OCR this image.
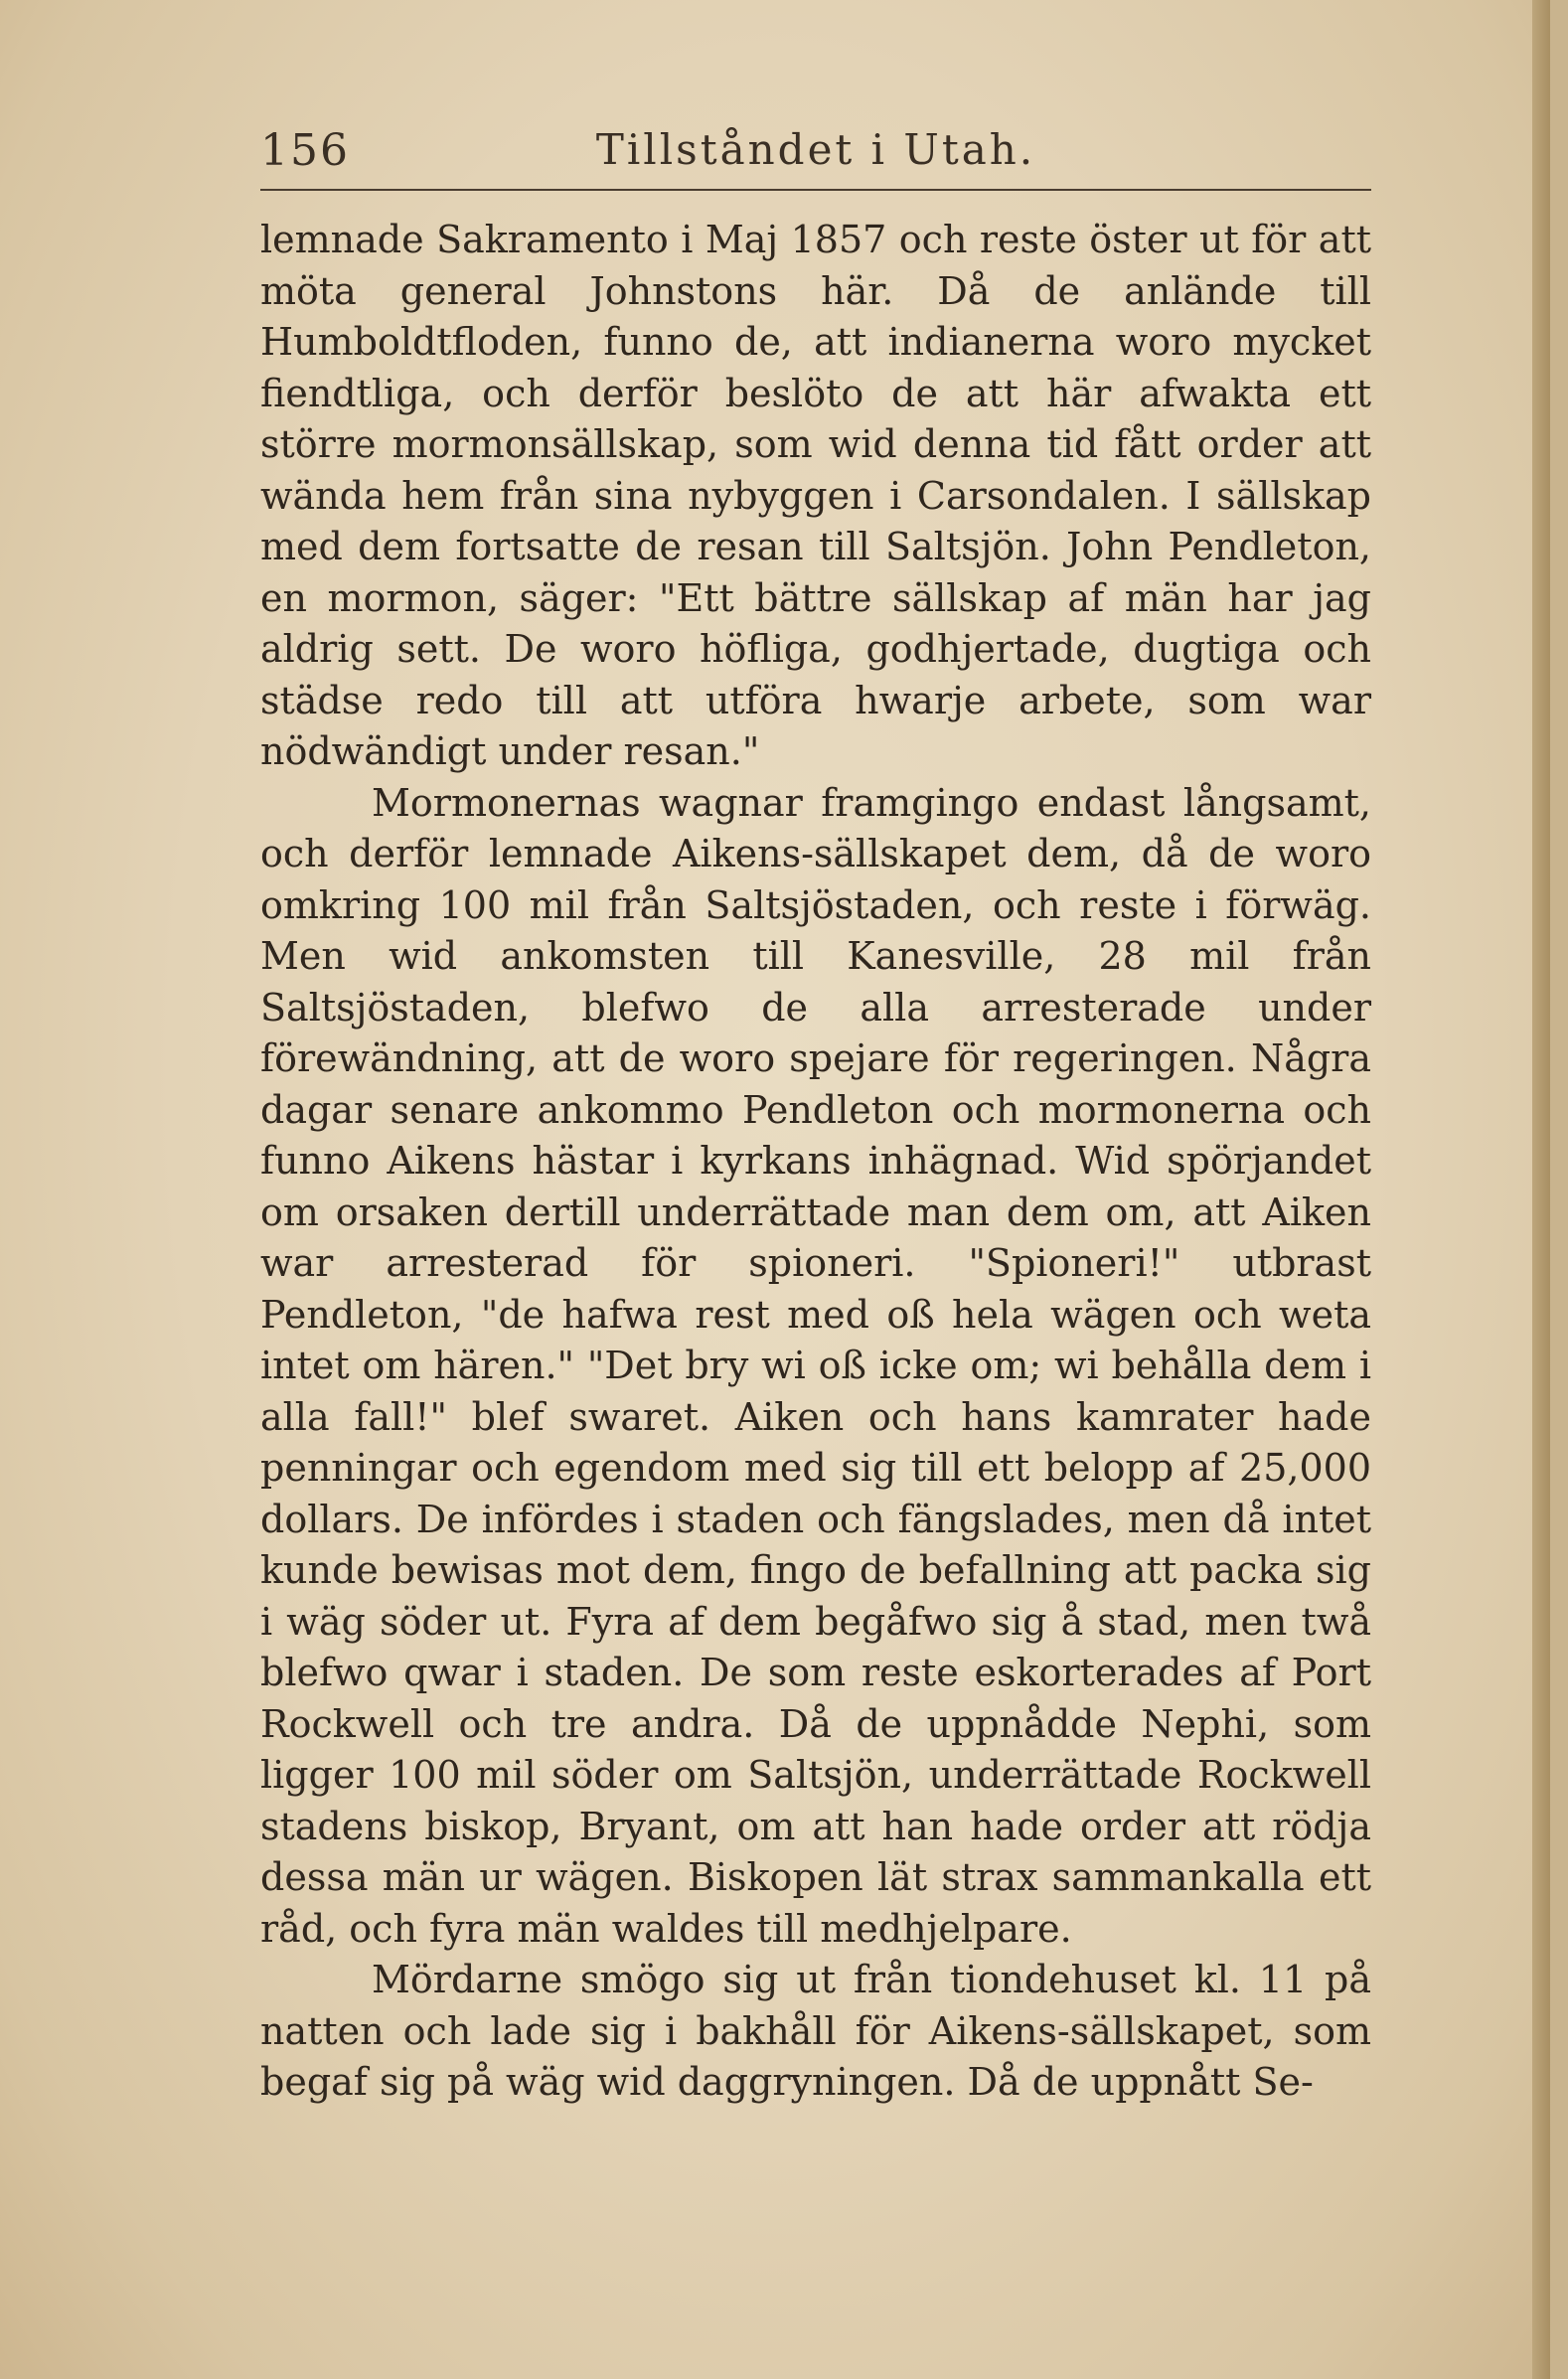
156	Tillståndet i Utah.

lemnade Sakramento i Maj 1857 och reste öster ut för att möta general Johnstons här. Då de anlände till Humboldtfloden, funno de, att indianerna woro mycket fiendtliga, och derför beslöto de att här afwakta ett större mormonsällskap, som wid denna tid fått order att wända hem från sina nybyggen i Carsondalen. I sällskap med dem fortsatte de resan till Saltsjön. John Pendleton, en mormon, säger: "Ett bättre sällskap af män har jag aldrig sett. De woro höfliga, godhjertade, dugtiga och städse redo till att utföra hwarje arbete, som war nödwändigt under resan."

Mormonernas wagnar framgingo endast långsamt, och derför lemnade Aikens-sällskapet dem, då de woro omkring 100 mil från Saltsjöstaden, och reste i förwäg. Men wid ankomsten till Kanesville, 28 mil från Saltsjöstaden, blefwo de alla arresterade under förewändning, att de woro spejare för regeringen. Några dagar senare ankommo Pendleton och mormonerna och funno Aikens hästar i kyrkans inhägnad. Wid spörjandet om orsaken dertill underrättade man dem om, att Aiken war arresterad för spioneri. "Spioneri!" utbrast Pendleton, "de hafwa rest med oß hela wägen och weta intet om hären." "Det bry wi oß icke om; wi behålla dem i alla fall!" blef swaret. Aiken och hans kamrater hade penningar och egendom med sig till ett belopp af 25,000 dollars. De infördes i staden och fängslades, men då intet kunde bewisas mot dem, fingo de befallning att packa sig i wäg söder ut. Fyra af dem begåfwo sig å stad, men twå blefwo qwar i staden. De som reste eskorterades af Port Rockwell och tre andra. Då de uppnådde Nephi, som ligger 100 mil söder om Saltsjön, underrättade Rockwell stadens biskop, Bryant, om att han hade order att rödja dessa män ur wägen. Biskopen lät strax sammankalla ett råd, och fyra män waldes till medhjelpare.

Mördarne smögo sig ut från tiondehuset kl. 11 på natten och lade sig i bakhåll för Aikens-sällskapet, som begaf sig på wäg wid daggryningen. Då de uppnått Se-
